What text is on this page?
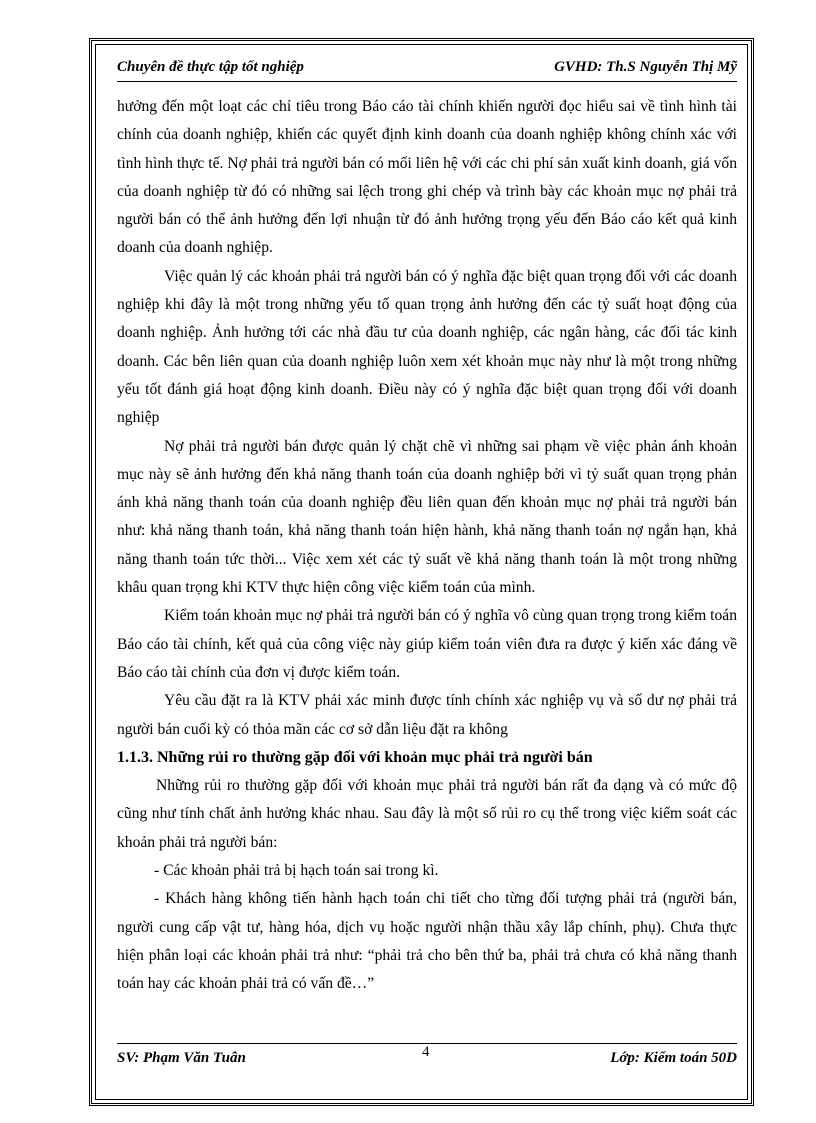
Chuyên đề thực tập tốt nghiệp	GVHD: Th.S Nguyễn Thị Mỹ

hưởng đến một loạt các chỉ tiêu trong Báo cáo tài chính khiến người đọc hiểu sai về tình hình tài chính của doanh nghiệp, khiến các quyết định kinh doanh của doanh nghiệp không chính xác với tình hình thực tế. Nợ phải trả người bán có mối liên hệ với các chi phí sản xuất kinh doanh, giá vốn của doanh nghiệp từ đó có những sai lệch trong ghi chép và trình bày các khoản mục nợ phải trả người bán có thể ảnh hưởng đến lợi nhuận từ đó ảnh hưởng trọng yếu đến Báo cáo kết quả kinh doanh của doanh nghiệp.

Việc quản lý các khoản phải trả người bán có ý nghĩa đặc biệt quan trọng đối với các doanh nghiệp khi đây là một trong những yếu tố quan trọng ảnh hưởng đến các tỷ suất hoạt động của doanh nghiệp. Ảnh hưởng tới các nhà đầu tư của doanh nghiệp, các ngân hàng, các đối tác kinh doanh. Các bên liên quan của doanh nghiệp luôn xem xét khoản mục này như là một trong những yếu tốt đánh giá hoạt động kinh doanh. Điều này có ý nghĩa đặc biệt quan trọng đối với doanh nghiệp

Nợ phải trả người bán được quản lý chặt chẽ vì những sai phạm về việc phản ánh khoản mục này sẽ ảnh hưởng đến khả năng thanh toán của doanh nghiệp bởi vì tỷ suất quan trọng phản ánh khả năng thanh toán của doanh nghiệp đều liên quan đến khoản mục nợ phải trả người bán như: khả năng thanh toán, khả năng thanh toán hiện hành, khả năng thanh toán nợ ngắn hạn, khả năng thanh toán tức thời... Việc xem xét các tỷ suất về khả năng thanh toán là một trong những khâu quan trọng khi KTV thực hiện công việc kiểm toán của mình.

Kiểm toán khoản mục nợ phải trả người bán có ý nghĩa vô cùng quan trọng trong kiểm toán Báo cáo tài chính, kết quả của công việc này giúp kiểm toán viên đưa ra được ý kiến xác đáng về Báo cáo tài chính của đơn vị được kiểm toán.

Yêu cầu đặt ra là KTV phải xác minh được tính chính xác nghiệp vụ và số dư nợ phải trả người bán cuối kỳ có thỏa mãn các cơ sở dẫn liệu đặt ra không

1.1.3. Những rủi ro thường gặp đối với khoản mục phải trả người bán

Những rủi ro thường gặp đối với khoản mục phải trả người bán rất đa dạng và có mức độ cũng như tính chất ảnh hưởng khác nhau. Sau đây là một số rủi ro cụ thể trong việc kiểm soát các khoản phải trả người bán:

- Các khoản phải trả bị hạch toán sai trong kì.

- Khách hàng không tiến hành hạch toán chi tiết cho từng đối tượng phải trả (người bán, người cung cấp vật tư, hàng hóa, dịch vụ hoặc người nhận thầu xây lắp chính, phụ). Chưa thực hiện phân loại các khoản phải trả như: “phải trả cho bên thứ ba, phải trả chưa có khả năng thanh toán hay các khoản phải trả có vấn đề…”

SV: Phạm Văn Tuân	4	Lớp: Kiểm toán 50D
